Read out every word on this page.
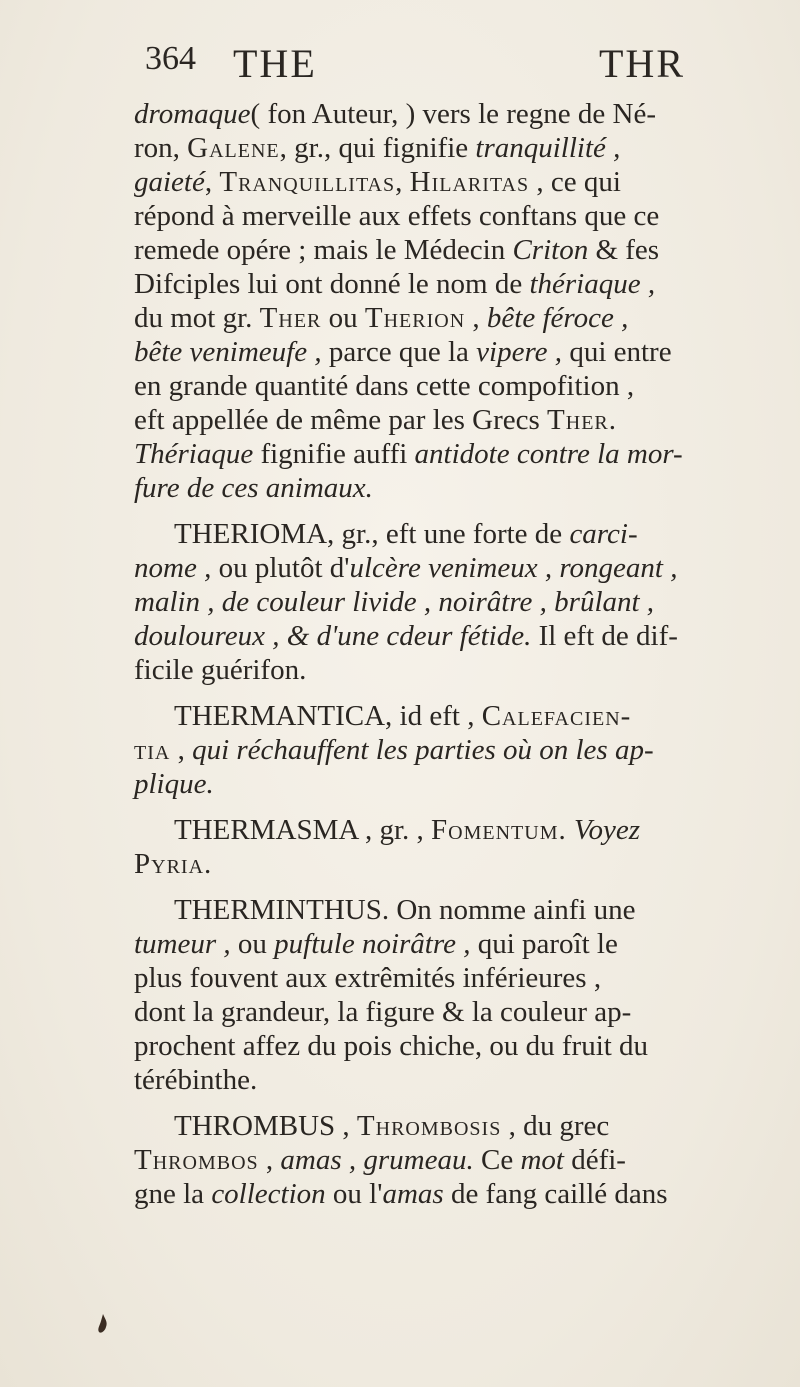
364 THE	THR
dromaque( fon Auteur, ) vers le regne de Né-
ron, Galene, gr., qui fignifie tranquillité ,
gaieté, Tranquillitas, Hilaritas , ce qui
répond à merveille aux effets conftans que ce
remede opére ; mais le Médecin Criton & fes
Difciples lui ont donné le nom de thériaque ,
du mot gr. Ther ou Therion , bête féroce ,
bête venimeufe , parce que la vipere , qui entre
en grande quantité dans cette compofition ,
eft appellée de même par les Grecs Ther.
Thériaque fignifie auffi antidote contre la mor-
fure de ces animaux.
THERIOMA, gr., eft une forte de carci-
nome , ou plutôt d'ulcère venimeux , rongeant ,
malin , de couleur livide , noirâtre , brûlant ,
douloureux , & d'une cdeur fétide. Il eft de dif-
ficile guérifon.
THERMANTICA, id eft , Calefacien-
tia , qui réchauffent les parties où on les ap-
plique.
THERMASMA , gr. , Fomentum. Voyez
Pyria.
THERMINTHUS. On nomme ainfi une
tumeur , ou puftule noirâtre , qui paroît le
plus fouvent aux extrêmités inférieures ,
dont la grandeur, la figure & la couleur ap-
prochent affez du pois chiche, ou du fruit du
térébinthe.
THROMBUS , Thrombosis , du grec
Thrombos , amas , grumeau. Ce mot défi-
gne la collection ou l'amas de fang caillé dans
